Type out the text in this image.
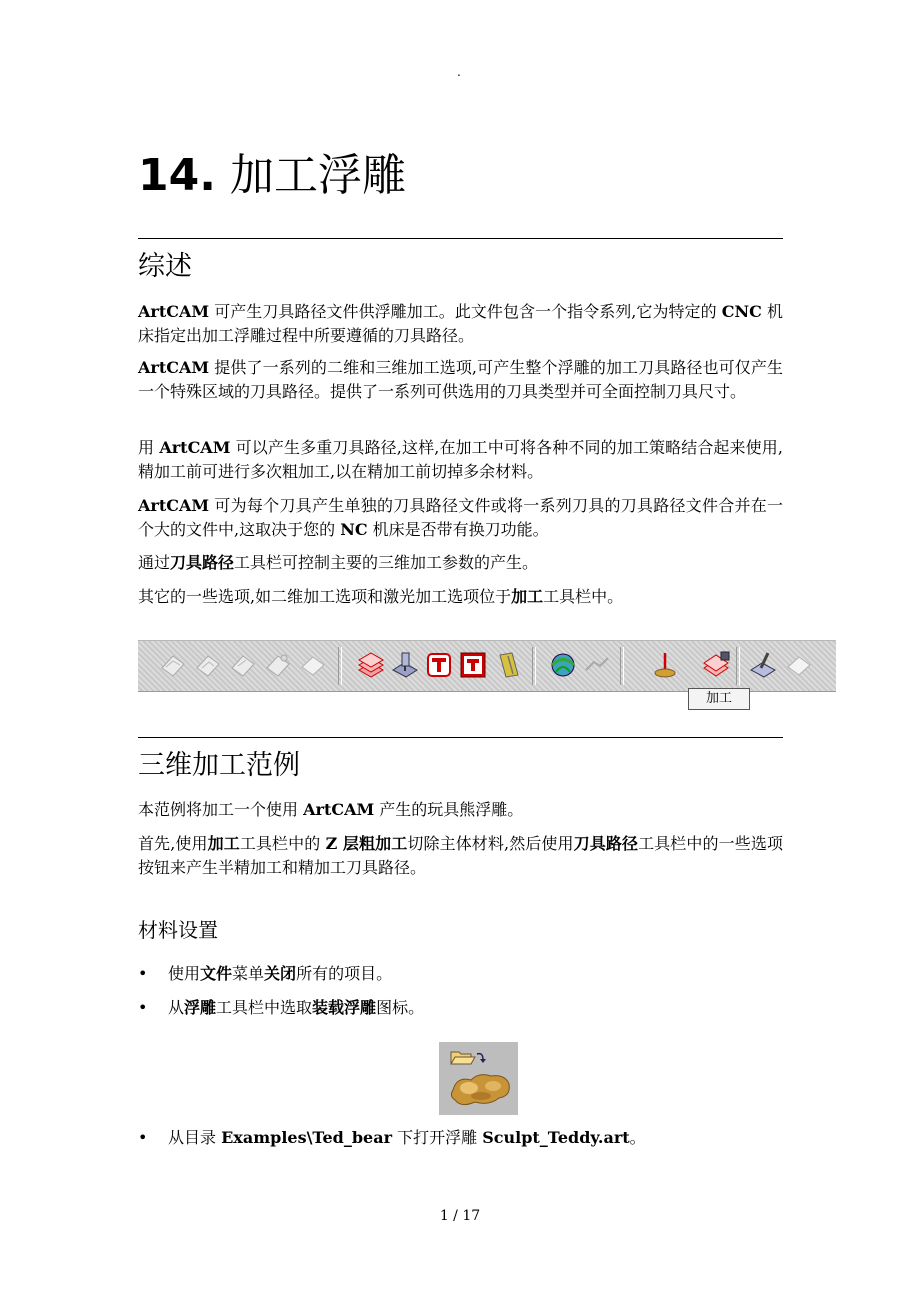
.
14. 加工浮雕
综述

ArtCAM 可产生刀具路径文件供浮雕加工。此文件包含一个指令系列,它为特定的 CNC 机床指定出加工浮雕过程中所要遵循的刀具路径。

ArtCAM 提供了一系列的二维和三维加工选项,可产生整个浮雕的加工刀具路径也可仅产生一个特殊区域的刀具路径。提供了一系列可供选用的刀具类型并可全面控制刀具尺寸。

用 ArtCAM 可以产生多重刀具路径,这样,在加工中可将各种不同的加工策略结合起来使用,精加工前可进行多次粗加工,以在精加工前切掉多余材料。

ArtCAM 可为每个刀具产生单独的刀具路径文件或将一系列刀具的刀具路径文件合并在一个大的文件中,这取决于您的 NC 机床是否带有换刀功能。

通过刀具路径工具栏可控制主要的三维加工参数的产生。

其它的一些选项,如二维加工选项和激光加工选项位于加工工具栏中。

加工
三维加工范例

本范例将加工一个使用 ArtCAM 产生的玩具熊浮雕。

首先,使用加工工具栏中的 Z 层粗加工切除主体材料,然后使用刀具路径工具栏中的一些选项按钮来产生半精加工和精加工刀具路径。

材料设置
•	使用文件菜单关闭所有的项目。
•	从浮雕工具栏中选取装载浮雕图标。
•	从目录 Examples\Ted_bear 下打开浮雕 Sculpt_Teddy.art。
1 / 17
